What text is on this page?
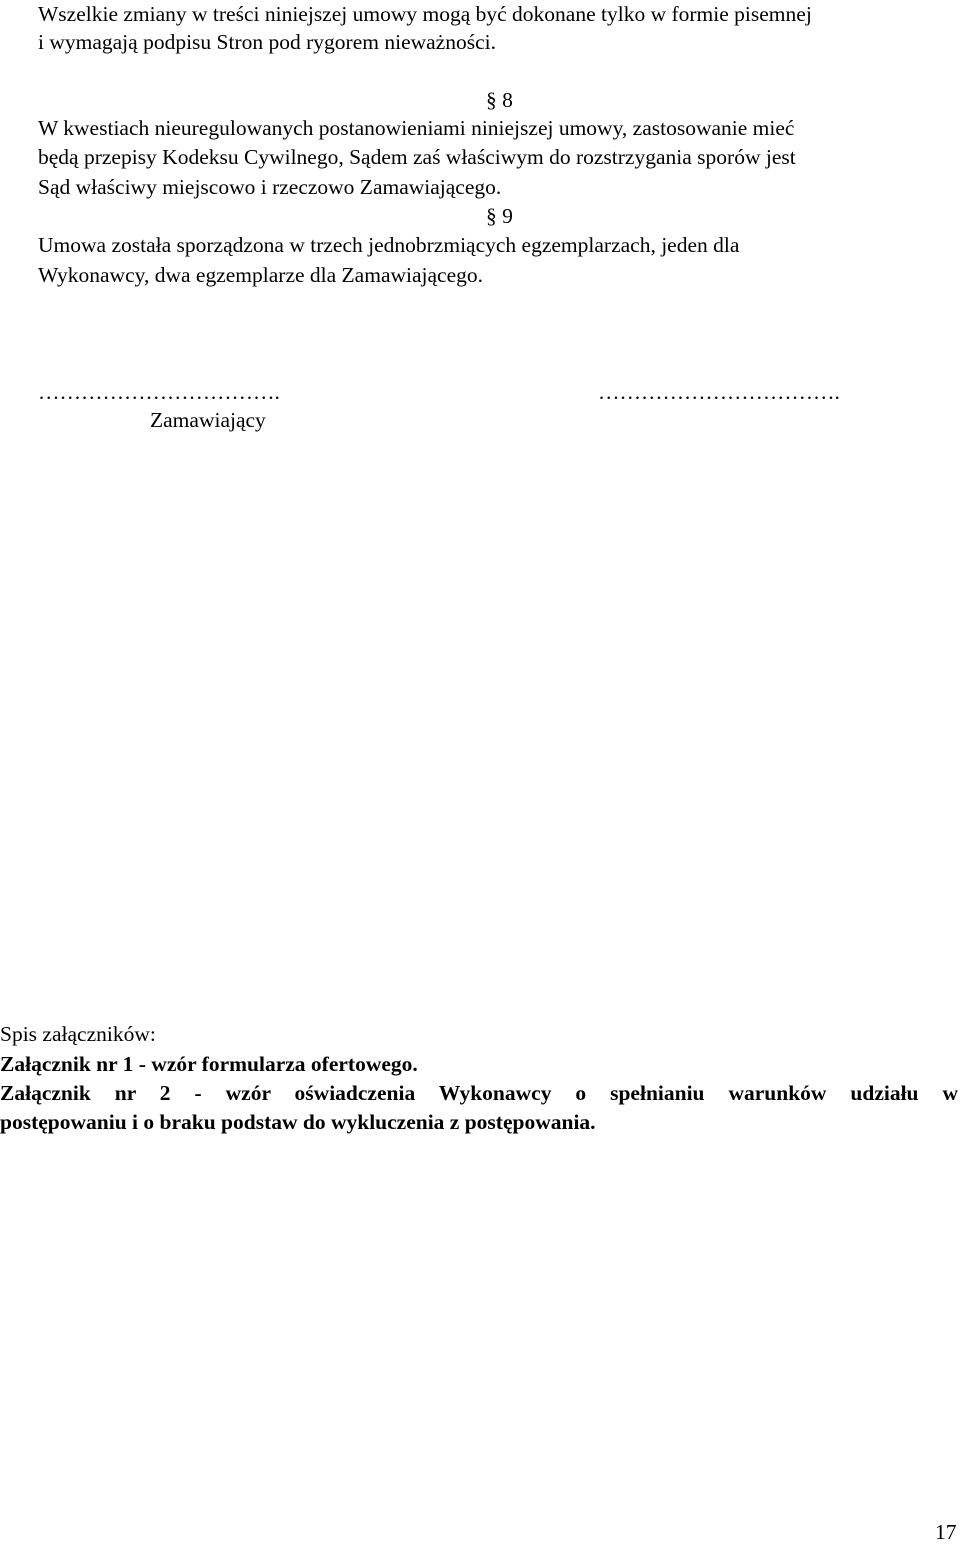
Wszelkie zmiany w treści niniejszej umowy mogą być dokonane tylko w formie pisemnej
i wymagają podpisu Stron pod rygorem nieważności.
§ 8
W kwestiach nieuregulowanych postanowieniami niniejszej umowy, zastosowanie mieć
będą przepisy Kodeksu Cywilnego, Sądem zaś właściwym do rozstrzygania sporów jest
Sąd właściwy miejscowo i rzeczowo Zamawiającego.
§ 9
Umowa została sporządzona w trzech jednobrzmiących egzemplarzach, jeden dla
Wykonawcy, dwa egzemplarze dla Zamawiającego.
…………………………….
Zamawiający
…………………………….
Spis załączników:
Załącznik nr 1 - wzór formularza ofertowego.
Załącznik nr 2 - wzór oświadczenia Wykonawcy o spełnianiu warunków udziału w
postępowaniu i o braku podstaw do wykluczenia z postępowania.
17
